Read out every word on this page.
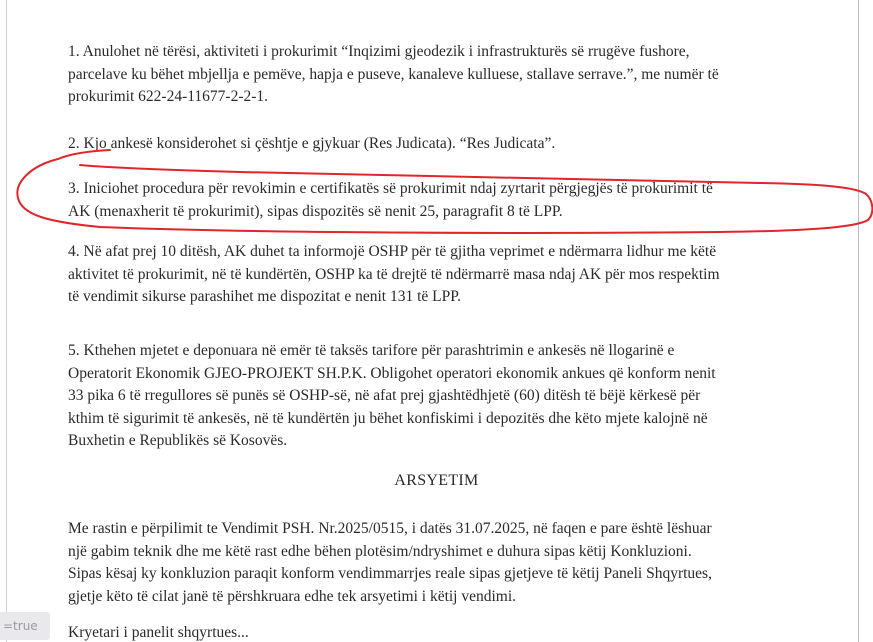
1. Anulohet në tërësi, aktiviteti i prokurimit “Inqizimi gjeodezik i infrastrukturës së rrugëve fushore,
parcelave ku bëhet mbjellja e pemëve, hapja e puseve, kanaleve kulluese, stallave serrave.”, me numër të
prokurimit 622-24-11677-2-2-1.
2. Kjo ankesë konsiderohet si çështje e gjykuar (Res Judicata). “Res Judicata”.
3. Iniciohet procedura për revokimin e certifikatës së prokurimit ndaj zyrtarit përgjegjës të prokurimit të
AK (menaxherit të prokurimit), sipas dispozitës së nenit 25, paragrafit 8 të LPP.
4. Në afat prej 10 ditësh, AK duhet ta informojë OSHP për të gjitha veprimet e ndërmarra lidhur me këtë
aktivitet të prokurimit, në të kundërtën, OSHP ka të drejtë të ndërmarrë masa ndaj AK për mos respektim
të vendimit sikurse parashihet me dispozitat e nenit 131 të LPP.
5. Kthehen mjetet e deponuara në emër të taksës tarifore për parashtrimin e ankesës në llogarinë e
Operatorit Ekonomik GJEO-PROJEKT SH.P.K. Obligohet operatori ekonomik ankues që konform nenit
33 pika 6 të rregullores së punës së OSHP-së, në afat prej gjashtëdhjetë (60) ditësh të bëjë kërkesë për
kthim të sigurimit të ankesës, në të kundërtën ju bëhet konfiskimi i depozitës dhe këto mjete kalojnë në
Buxhetin e Republikës së Kosovës.
ARSYETIM
Me rastin e përpilimit te Vendimit PSH. Nr.2025/0515, i datës 31.07.2025, në faqen e pare është lëshuar
një gabim teknik dhe me këtë rast edhe bëhen plotësim/ndryshimet e duhura sipas këtij Konkluzioni.
Sipas kësaj ky konkluzion paraqit konform vendimmarrjes reale sipas gjetjeve të këtij Paneli Shqyrtues,
gjetje këto të cilat janë të përshkruara edhe tek arsyetimi i këtij vendimi.
Kryetari i panelit shqyrtues...
=true
